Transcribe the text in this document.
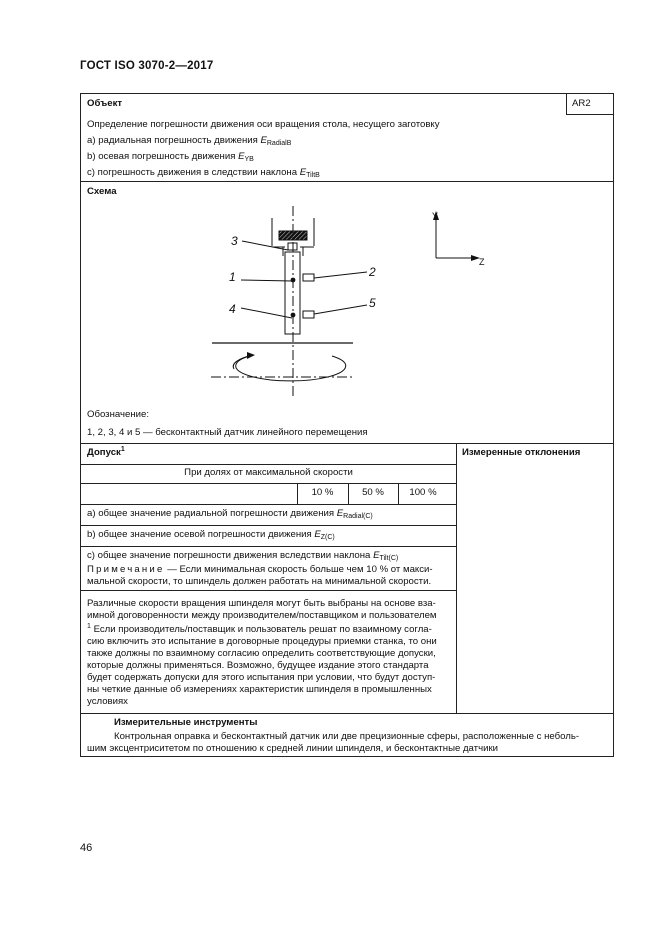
ГОСТ ISO 3070-2—2017
Объект	AR2
Определение погрешности движения оси вращения стола, несущего заготовку
a) радиальная погрешность движения $E_{RadialB}$
b) осевая погрешность движения $E_{YB}$
c) погрешность движения в следствии наклона $E_{TiltB}$
Схема
3
1	2
4	5
Y
Z
Обозначение:
1, 2, 3, 4 и 5 — бесконтактный датчик линейного перемещения
Допуск$^1$	Измеренные отклонения
При долях от максимальной скорости
10 %	50 %	100 %
a) общее значение радиальной погрешности движения $E_{Radial(C)}$
b) общее значение осевой погрешности движения $E_{Z(C)}$
c) общее значение погрешности движения вследствии наклона $E_{Tilt(C)}$
Примечание — Если минимальная скорость больше чем 10 % от макси-
мальной скорости, то шпиндель должен работать на минимальной скорости.
Различные скорости вращения шпинделя могут быть выбраны на основе вза-
имной договоренности между производителем/поставщиком и пользователем
$^1$ Если производитель/поставщик и пользователь решат по взаимному согла-
сию включить это испытание в договорные процедуры приемки станка, то они
также должны по взаимному согласию определить соответствующие допуски,
которые должны применяться. Возможно, будущее издание этого стандарта
будет содержать допуски для этого испытания при условии, что будут доступ-
ны четкие данные об измерениях характеристик шпинделя в промышленных
условиях
Измерительные инструменты
Контрольная оправка и бесконтактный датчик или две прецизионные сферы, расположенные с неболь-
шим эксцентриситетом по отношению к средней линии шпинделя, и бесконтактные датчики
46
